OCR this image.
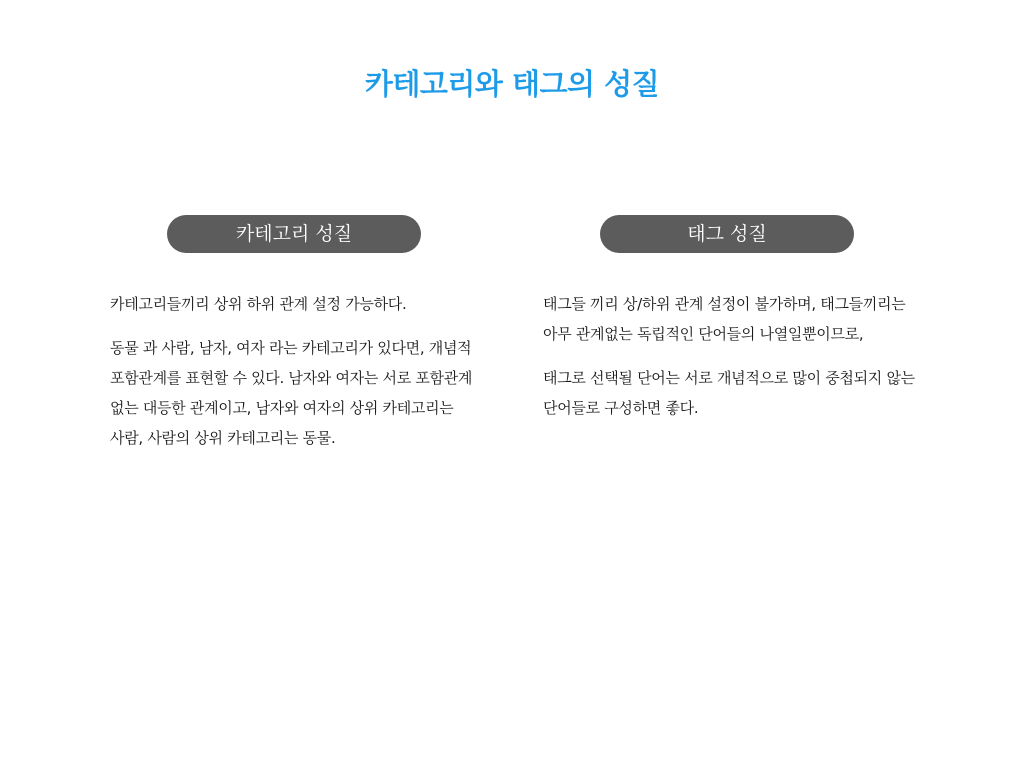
카테고리와 태그의 성질
카테고리 성질

카테고리들끼리 상위 하위 관계 설정 가능하다.

동물 과 사람, 남자, 여자 라는 카테고리가 있다면, 개념적 포함관계를 표현할 수 있다. 남자와 여자는 서로 포함관계 없는 대등한 관계이고, 남자와 여자의 상위 카테고리는 사람, 사람의 상위 카테고리는 동물.

태그 성질

태그들 끼리 상/하위 관계 설정이 불가하며, 태그들끼리는 아무 관계없는 독립적인 단어들의 나열일뿐이므로,

태그로 선택될 단어는 서로 개념적으로 많이 중첩되지 않는 단어들로 구성하면 좋다.
